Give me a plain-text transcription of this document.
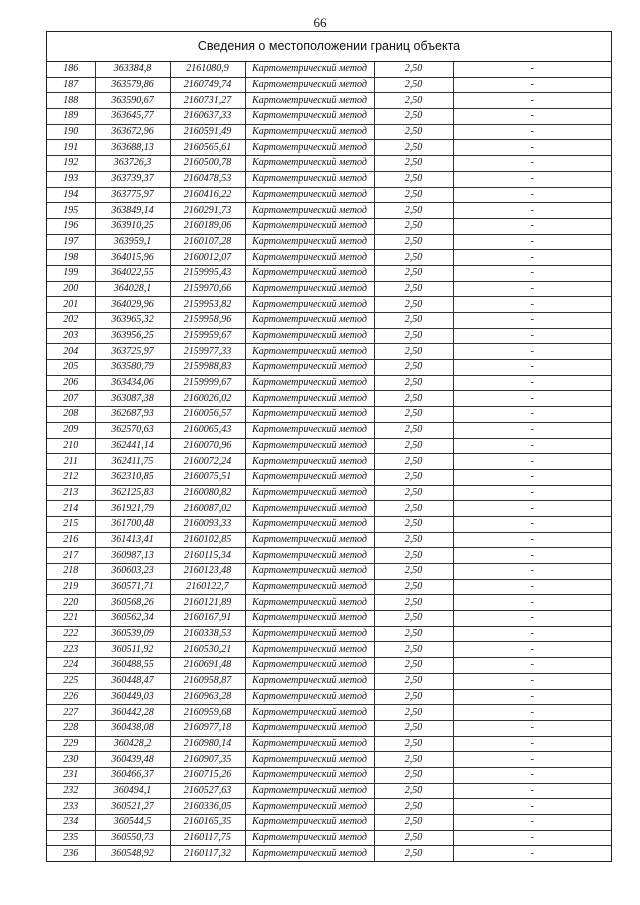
66
Сведения о местоположении границ объекта
186	363384,8	2161080,9	Картометрический метод	2,50	-
187	363579,86	2160749,74	Картометрический метод	2,50	-
188	363590,67	2160731,27	Картометрический метод	2,50	-
189	363645,77	2160637,33	Картометрический метод	2,50	-
190	363672,96	2160591,49	Картометрический метод	2,50	-
191	363688,13	2160565,61	Картометрический метод	2,50	-
192	363726,3	2160500,78	Картометрический метод	2,50	-
193	363739,37	2160478,53	Картометрический метод	2,50	-
194	363775,97	2160416,22	Картометрический метод	2,50	-
195	363849,14	2160291,73	Картометрический метод	2,50	-
196	363910,25	2160189,06	Картометрический метод	2,50	-
197	363959,1	2160107,28	Картометрический метод	2,50	-
198	364015,96	2160012,07	Картометрический метод	2,50	-
199	364022,55	2159995,43	Картометрический метод	2,50	-
200	364028,1	2159970,66	Картометрический метод	2,50	-
201	364029,96	2159953,82	Картометрический метод	2,50	-
202	363965,32	2159958,96	Картометрический метод	2,50	-
203	363956,25	2159959,67	Картометрический метод	2,50	-
204	363725,97	2159977,33	Картометрический метод	2,50	-
205	363580,79	2159988,83	Картометрический метод	2,50	-
206	363434,06	2159999,67	Картометрический метод	2,50	-
207	363087,38	2160026,02	Картометрический метод	2,50	-
208	362687,93	2160056,57	Картометрический метод	2,50	-
209	362570,63	2160065,43	Картометрический метод	2,50	-
210	362441,14	2160070,96	Картометрический метод	2,50	-
211	362411,75	2160072,24	Картометрический метод	2,50	-
212	362310,85	2160075,51	Картометрический метод	2,50	-
213	362125,83	2160080,82	Картометрический метод	2,50	-
214	361921,79	2160087,02	Картометрический метод	2,50	-
215	361700,48	2160093,33	Картометрический метод	2,50	-
216	361413,41	2160102,85	Картометрический метод	2,50	-
217	360987,13	2160115,34	Картометрический метод	2,50	-
218	360603,23	2160123,48	Картометрический метод	2,50	-
219	360571,71	2160122,7	Картометрический метод	2,50	-
220	360568,26	2160121,89	Картометрический метод	2,50	-
221	360562,34	2160167,91	Картометрический метод	2,50	-
222	360539,09	2160338,53	Картометрический метод	2,50	-
223	360511,92	2160530,21	Картометрический метод	2,50	-
224	360488,55	2160691,48	Картометрический метод	2,50	-
225	360448,47	2160958,87	Картометрический метод	2,50	-
226	360449,03	2160963,28	Картометрический метод	2,50	-
227	360442,28	2160959,68	Картометрический метод	2,50	-
228	360438,08	2160977,18	Картометрический метод	2,50	-
229	360428,2	2160980,14	Картометрический метод	2,50	-
230	360439,48	2160907,35	Картометрический метод	2,50	-
231	360466,37	2160715,26	Картометрический метод	2,50	-
232	360494,1	2160527,63	Картометрический метод	2,50	-
233	360521,27	2160336,05	Картометрический метод	2,50	-
234	360544,5	2160165,35	Картометрический метод	2,50	-
235	360550,73	2160117,75	Картометрический метод	2,50	-
236	360548,92	2160117,32	Картометрический метод	2,50	-
